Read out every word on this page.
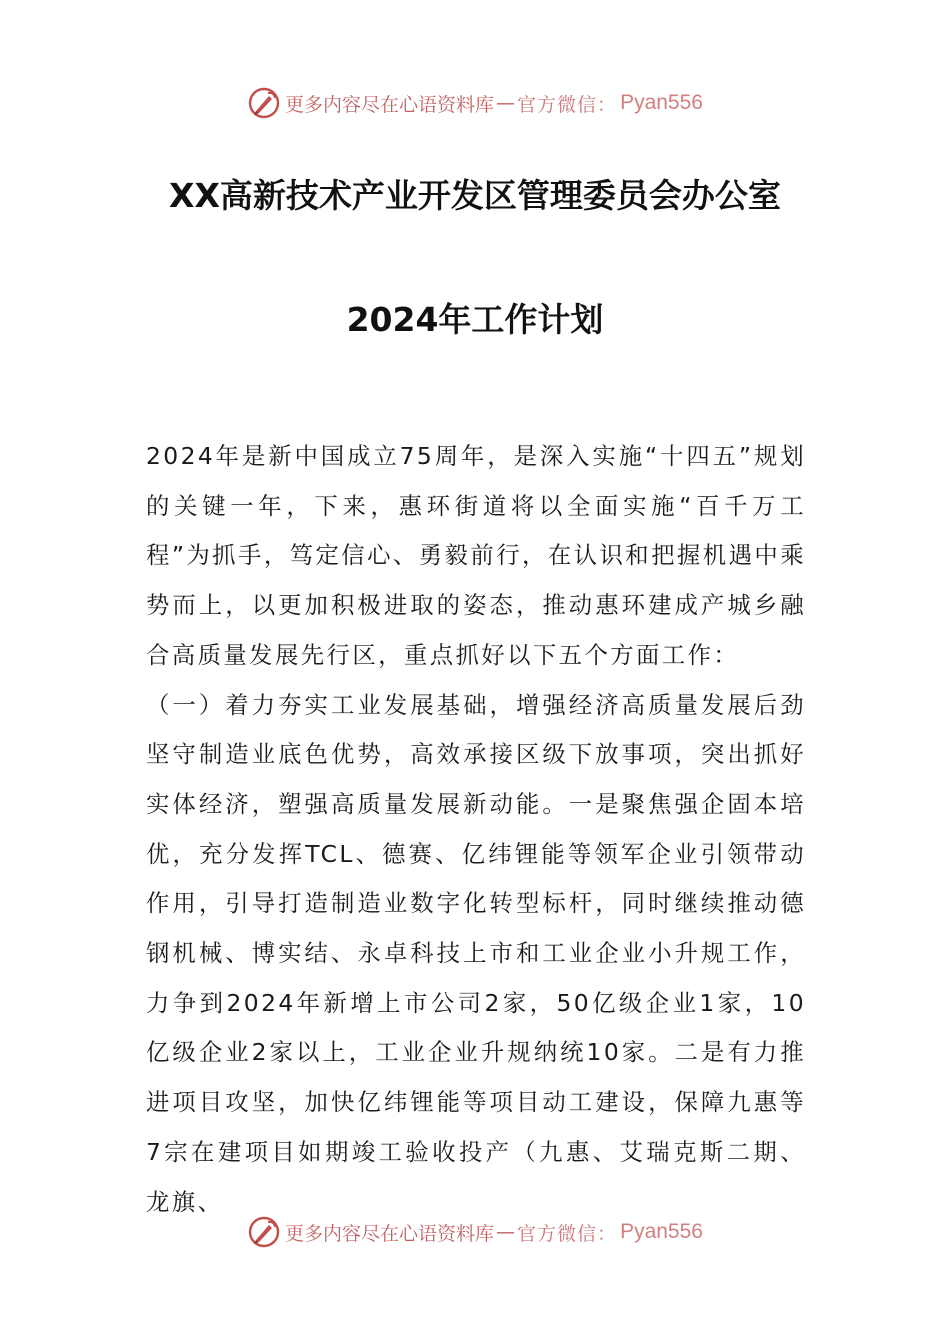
更多内容尽在心语资料库 — 官方微信 ： Pyan556
XX高新技术产业开发区管理委员会办公室
2024年工作计划

2024年是新中国成立75周年，是深入实施“十四五”规划的关键一年，下来，惠环街道将以全面实施“百千万工程”为抓手，笃定信心、勇毅前行，在认识和把握机遇中乘势而上，以更加积极进取的姿态，推动惠环建成产城乡融合高质量发展先行区，重点抓好以下五个方面工作：

（一）着力夯实工业发展基础，增强经济高质量发展后劲坚守制造业底色优势，高效承接区级下放事项，突出抓好实体经济，塑强高质量发展新动能。一是聚焦强企固本培优，充分发挥TCL、德赛、亿纬锂能等领军企业引领带动作用，引导打造制造业数字化转型标杆，同时继续推动德钢机械、博实结、永卓科技上市和工业企业小升规工作，力争到2024年新增上市公司2家，50亿级企业1家，10亿级企业2家以上，工业企业升规纳统10家。二是有力推进项目攻坚，加快亿纬锂能等项目动工建设，保障九惠等7宗在建项目如期竣工验收投产（九惠、艾瑞克斯二期、龙旗、

更多内容尽在心语资料库 — 官方微信 ： Pyan556
